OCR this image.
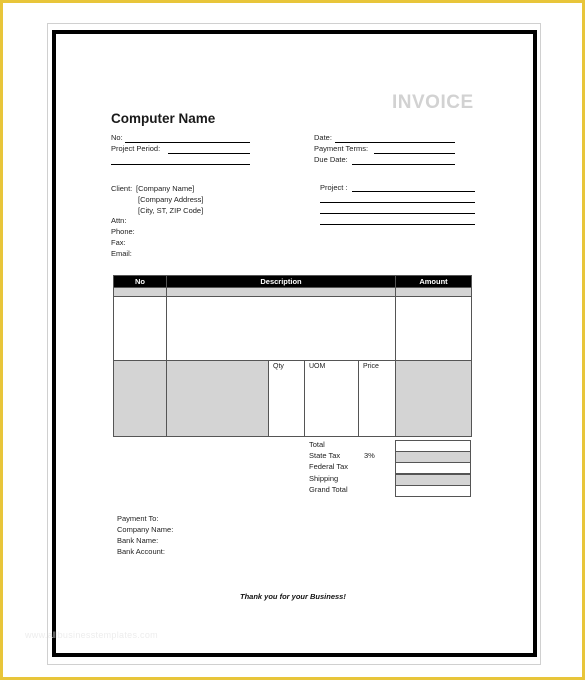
INVOICE
Computer Name
No:
Project Period:
Date:
Payment Terms:
Due Date:
Client: [Company Name]
[Company Address]
[City, ST, ZIP Code]
Attn:
Phone:
Fax:
Email:
Project :
No	Description				Amount

		Qty	UOM	Price	
Total
State Tax	3%
Federal Tax
Shipping
Grand Total
Payment To:
Company Name:
Bank Name:
Bank Account:
Thank you for your Business!
www.allbusinesstemplates.com
